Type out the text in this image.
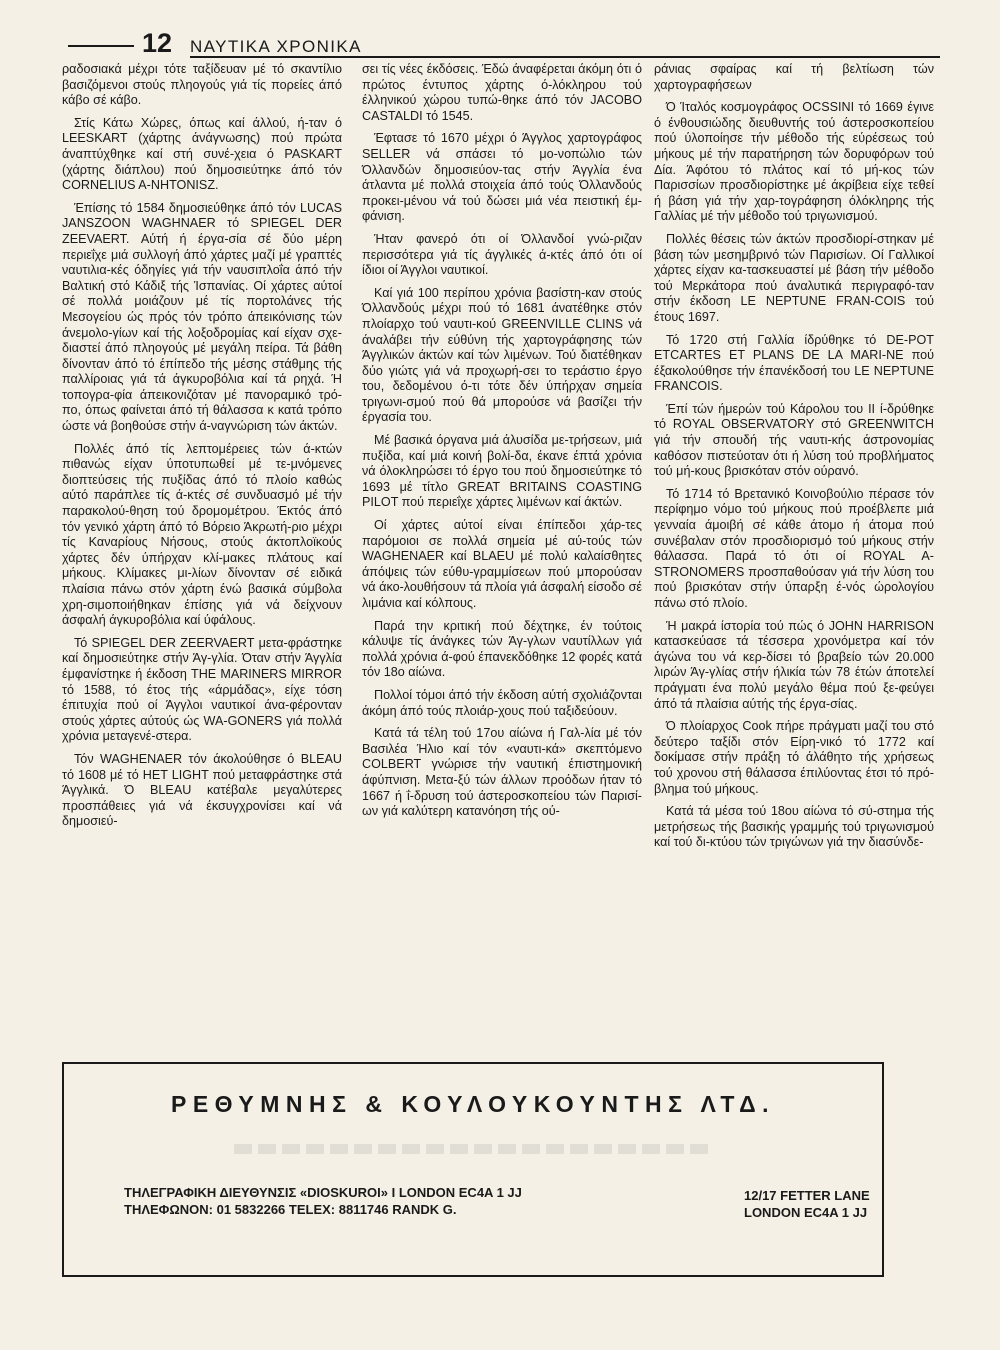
12 ΝΑΥΤΙΚΑ ΧΡΟΝΙΚΑ

ραδοσιακά μέχρι τότε ταξίδευαν μέ τό σκαντίλιο βασιζόμενοι στούς πληογούς γιά τίς πορείες άπό κάβο σέ κάβο.

Στίς Κάτω Χώρες, όπως καί άλλού, ή-ταν ό LEESKART (χάρτης άνάγνωσης) πού πρώτα άναπτύχθηκε καί στή συνέ-χεια ό PASKART (χάρτης διάπλου) πού δημοσιεύτηκε άπό τόν CORNELIUS A-NHTONISZ.

Έπίσης τό 1584 δημοσιεύθηκε άπό τόν LUCAS JANSZOON WAGHNAER τό SPIEGEL DER ZEEVAERT. Αύτή ή έργα-σία σέ δύο μέρη περιεΐχε μιά συλλογή άπό χάρτες μαζί μέ γραπτές ναυτιλια-κές όδηγίες γιά τήν ναυσιπλοΐα άπό τήν Βαλτική στό Κάδιξ τής Ίσπανίας. Οί χάρτες αύτοί σέ πολλά μοιάζουν μέ τίς πορτολάνες τής Μεσογείου ώς πρός τόν τρόπο άπεικόνισης τών άνεμολο-γίων καί τής λοξοδρομίας καί είχαν σχε-διαστεί άπό πληογούς μέ μεγάλη πείρα. Τά βάθη δίνονταν άπό τό έπίπεδο τής μέσης στάθμης τής παλλίροιας γιά τά άγκυροβόλια καί τά ρηχά. Ή τοπογρα-φία άπεικονιζόταν μέ πανοραμικό τρό-πο, όπως φαίνεται άπό τή θάλασσα κ κατά τρόπο ώστε νά βοηθούσε στήν ά-ναγνώριση τών άκτών.

Πολλές άπό τίς λεπτομέρειες τών ά-κτών πιθανώς είχαν ύποτυπωθεί μέ τε-μνόμενες διοπτεύσεις τής πυξίδας άπό τό πλοίο καθώς αύτό παράπλεε τίς ά-κτές σέ συνδυασμό μέ τήν παρακολού-θηση τού δρομομέτρου. Έκτός άπό τόν γενικό χάρτη άπό τό Βόρειο Άκρωτή-ριο μέχρι τίς Καναρίους Νήσους, στούς άκτοπλοϊκούς χάρτες δέν ύπήρχαν κλί-μακες πλάτους καί μήκους. Κλίμακες μι-λίων δίνονταν σέ ειδικά πλαίσια πάνω στόν χάρτη ένώ βασικά σύμβολα χρη-σιμοποιήθηκαν έπίσης γιά νά δείχνουν άσφαλή άγκυροβόλια καί ύφάλους.

Τό SPIEGEL DER ZEERVAERT μετα-φράστηκε καί δημοσιεύτηκε στήν Άγ-γλία. Όταν στήν Άγγλία έμφανίστηκε ή έκδοση THE MARINERS MIRROR τό 1588, τό έτος τής «άρμάδας», είχε τόση έπιτυχία πού οί Άγγλοι ναυτικοί άνα-φέρονταν στούς χάρτες αύτούς ώς WA-GONERS γιά πολλά χρόνια μεταγενέ-στερα.

Τόν WAGHENAER τόν άκολούθησε ό BLEAU τό 1608 μέ τό HET LIGHT πού μεταφράστηκε στά Άγγλικά. Ό BLEAU κατέβαλε μεγαλύτερες προσπάθειες γιά νά έκσυγχρονίσει καί νά δημοσιεύ-

σει τίς νέες έκδόσεις. Έδώ άναφέρεται άκόμη ότι ό πρώτος έντυπος χάρτης ό-λόκληρου τού έλληνικού χώρου τυπώ-θηκε άπό τόν JACOBO CASTALDI τό 1545.

Έφτασε τό 1670 μέχρι ό Άγγλος χαρτογράφος SELLER νά σπάσει τό μο-νοπώλιο τών Όλλανδών δημοσιεύον-τας στήν Άγγλία ένα άτλαντα μέ πολλά στοιχεία άπό τούς Όλλανδούς προκει-μένου νά τού δώσει μιά νέα πειστική έμ-φάνιση.

Ήταν φανερό ότι οί Όλλανδοί γνώ-ριζαν περισσότερα γιά τίς άγγλικές ά-κτές άπό ότι οί ίδιοι οί Άγγλοι ναυτικοί.

Καί γιά 100 περίπου χρόνια βασίστη-καν στούς Όλλανδούς μέχρι πού τό 1681 άνατέθηκε στόν πλοίαρχο τού ναυτι-κού GREENVILLE CLINS νά άναλάβει τήν εύθύνη τής χαρτογράφησης τών Άγγλικών άκτών καί τών λιμένων. Τού διατέθηκαν δύο γιώτς γιά νά προχωρή-σει το τεράστιο έργο του, δεδομένου ό-τι τότε δέν ύπήρχαν σημεία τριγωνι-σμού πού θά μπορούσε νά βασίζει τήν έργασία του.

Μέ βασικά όργανα μιά άλυσίδα με-τρήσεων, μιά πυξίδα, καί μιά κοινή βολί-δα, έκανε έπτά χρόνια νά όλοκληρώσει τό έργο του πού δημοσιεύτηκε τό 1693 μέ τίτλο GREAT BRITAINS COASTING PILOT πού περιεΐχε χάρτες λιμένων καί άκτών.

Οί χάρτες αύτοί είναι έπίπεδοι χάρ-τες παρόμοιοι σε πολλά σημεία μέ αύ-τούς τών WAGHENAER καί BLAEU μέ πολύ καλαίσθητες άπόψεις τών εύθυ-γραμμίσεων πού μπορούσαν νά άκο-λουθήσουν τά πλοία γιά άσφαλή είσοδο σέ λιμάνια καί κόλπους.

Παρά την κριτική πού δέχτηκε, έν τούτοις κάλυψε τίς άνάγκες τών Άγ-γλων ναυτίλλων γιά πολλά χρόνια ά-φού έπανεκδόθηκε 12 φορές κατά τόν 18ο αίώνα.

Πολλοί τόμοι άπό τήν έκδοση αύτή σχολιάζονται άκόμη άπό τούς πλοιάρ-χους πού ταξιδεύουν.

Κατά τά τέλη τού 17ου αίώνα ή Γαλ-λία μέ τόν Βασιλέα Ήλιο καί τόν «ναυτι-κά» σκεπτόμενο COLBERT γνώρισε τήν ναυτική έπιστημονική άφύπνιση. Μετα-ξύ τών άλλων προόδων ήταν τό 1667 ή ΐ-δρυση τού άστεροσκοπείου τών Παρισί-ων γιά καλύτερη κατανόηση τής ού-

ράνιας σφαίρας καί τή βελτίωση τών χαρτογραφήσεων

Ό Ίταλός κοσμογράφος OCSSINI τό 1669 έγινε ό ένθουσιώδης διευθυντής τού άστεροσκοπείου πού ύλοποίησε τήν μέθοδο τής εύρέσεως τού μήκους μέ τήν παρατήρηση τών δορυφόρων τού Δία. Άφότου τό πλάτος καί τό μή-κος τών Παρισσίων προσδιορίστηκε μέ άκρίβεια είχε τεθεί ή βάση γιά τήν χαρ-τογράφηση όλόκληρης τής Γαλλίας μέ τήν μέθοδο τού τριγωνισμού.

Πολλές θέσεις τών άκτών προσδιορί-στηκαν μέ βάση τών μεσημβρινό τών Παρισίων. Οί Γαλλικοί χάρτες είχαν κα-τασκευαστεί μέ βάση τήν μέθοδο τού Μερκάτορα πού άναλυτικά περιγραφό-ταν στήν έκδοση LE NEPTUNE FRAN-COIS τού έτους 1697.

Τό 1720 στή Γαλλία ίδρύθηκε τό DE-POT ETCARTES ET PLANS DE LA MARI-NE πού έξακολούθησε τήν έπανέκδοσή του LE NEPTUNE FRANCOIS.

Έπί τών ήμερών τού Κάρολου του II ί-δρύθηκε τό ROYAL OBSERVATORY στό GREENWITCH γιά τήν σπουδή τής ναυτι-κής άστρονομίας καθόσον πιστεύοταν ότι ή λύση τού προβλήματος τού μή-κους βρισκόταν στόν ούρανό.

Τό 1714 τό Βρετανικό Κοινοβούλιο πέρασε τόν περίφημο νόμο τού μήκους πού προέβλεπε μιά γενναία άμοιβή σέ κάθε άτομο ή άτομα πού συνέβαλαν στόν προσδιορισμό τού μήκους στήν θάλασσα. Παρά τό ότι οί ROYAL A-STRONOMERS προσπαθούσαν γιά τήν λύση του πού βρισκόταν στήν ύπαρξη έ-νός ώρολογίου πάνω στό πλοίο.

Ή μακρά ίστορία τού πώς ό JOHN HARRISON κατασκεύασε τά τέσσερα χρονόμετρα καί τόν άγώνα του νά κερ-δίσει τό βραβείο τών 20.000 λιρών Άγ-γλίας στήν ήλικία τών 78 έτών άποτελεί πράγματι ένα πολύ μεγάλο θέμα πού ξε-φεύγει άπό τά πλαίσια αύτής τής έργα-σίας.

Ό πλοίαρχος Cook πήρε πράγματι μαζί του στό δεύτερο ταξίδι στόν Είρη-νικό τό 1772 καί δοκίμασε στήν πράξη τό άλάθητο τής χρήσεως τού χρονου στή θάλασσα έπιλύοντας έτσι τό πρό-βλημα τού μήκους.

Κατά τά μέσα τού 18ου αίώνα τό σύ-στημα τής μετρήσεως τής βασικής γραμμής τού τριγωνισμού καί τού δι-κτύου τών τριγώνων γιά την διασύνδε-

ΡΕΘΥΜΝΗΣ & ΚΟΥΛΟΥΚΟΥΝΤΗΣ ΛΤΔ.
ΤΗΛΕΓΡΑΦΙΚΗ ΔΙΕΥΘΥΝΣΙΣ «DIOSKUROI» Ι LONDON EC4A 1 JJ
ΤΗΛΕΦΩΝΟΝ: 01 5832266 TELEX: 8811746 RANDK G.
12/17 FETTER LANE
LONDON EC4A 1 JJ
